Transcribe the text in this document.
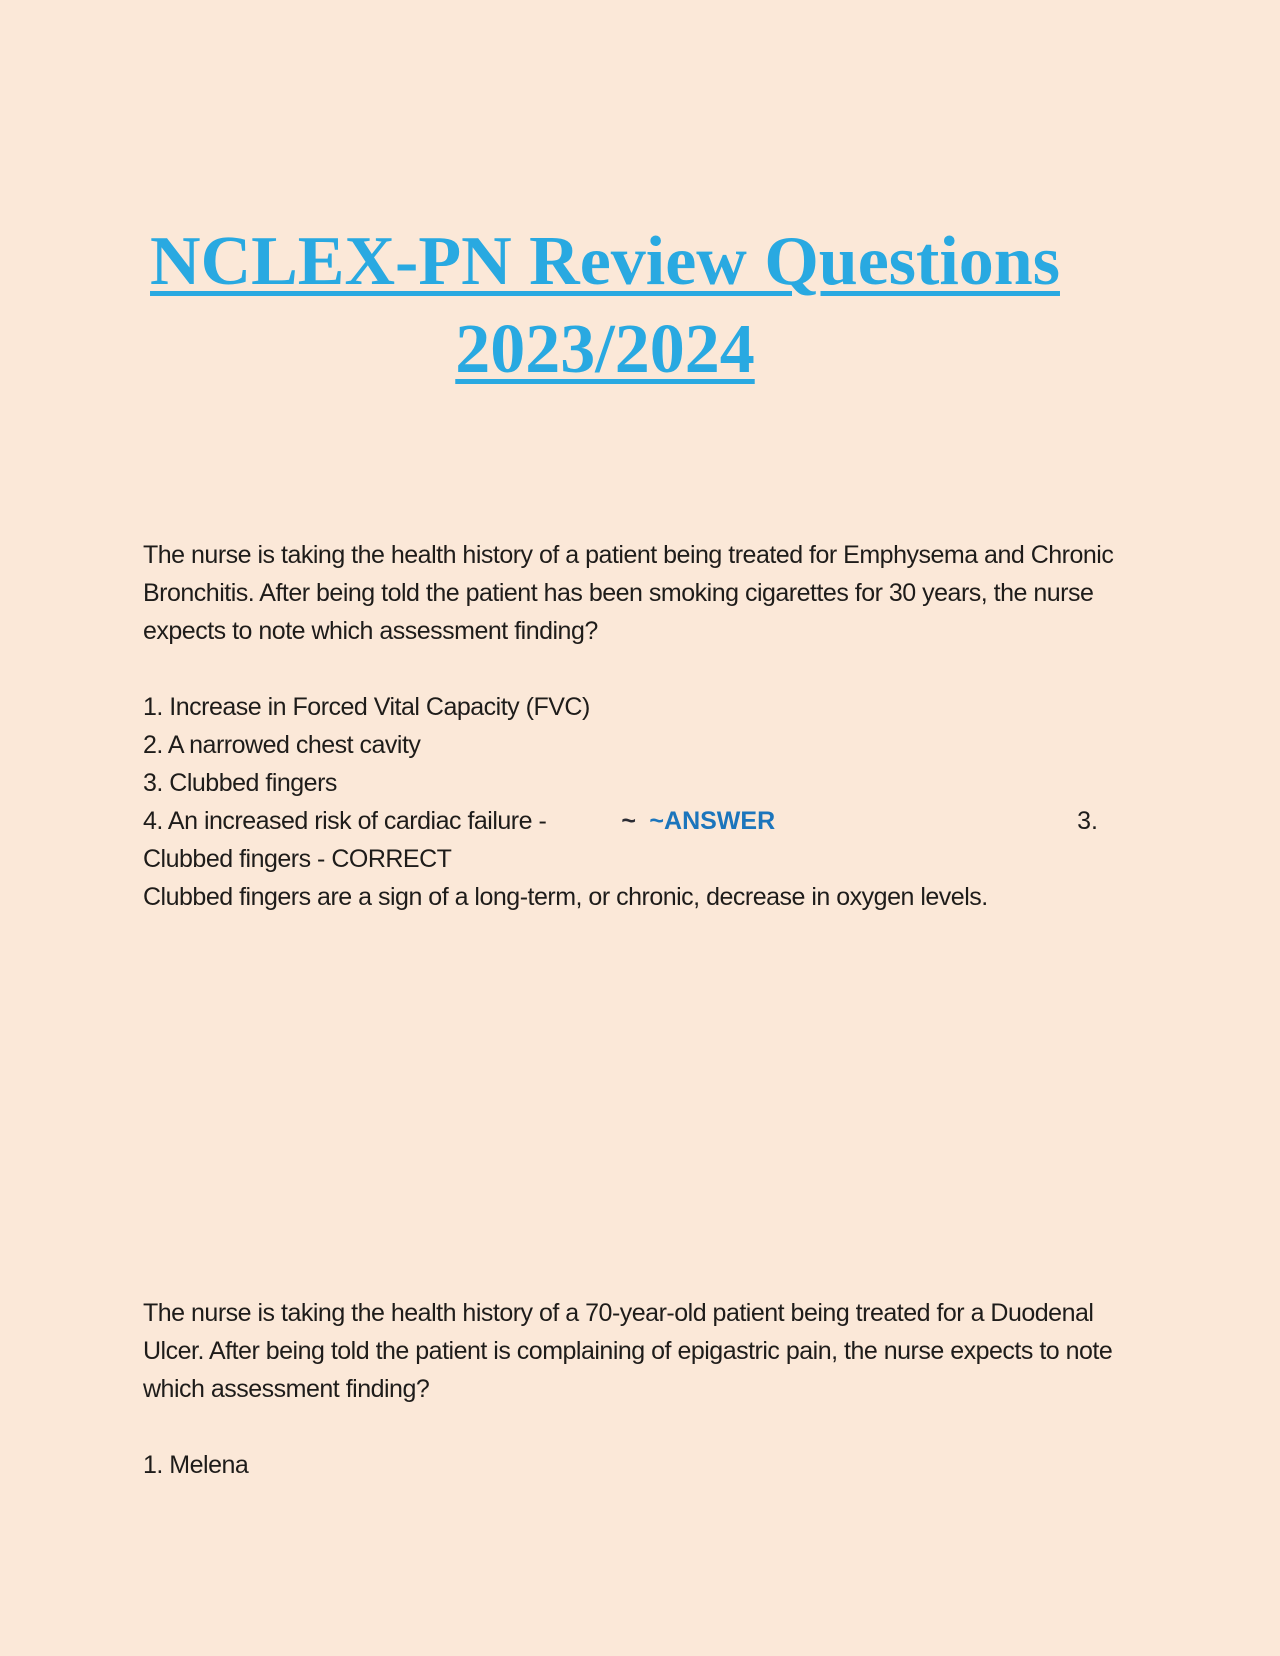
NCLEX-PN Review Questions
2023/2024

The nurse is taking the health history of a patient being treated for Emphysema and Chronic Bronchitis. After being told the patient has been smoking cigarettes for 30 years, the nurse expects to note which assessment finding?

1. Increase in Forced Vital Capacity (FVC)
2. A narrowed chest cavity
3. Clubbed fingers
4. An increased risk of cardiac failure -	~ ~ANSWER	3.
Clubbed fingers - CORRECT
Clubbed fingers are a sign of a long-term, or chronic, decrease in oxygen levels.

The nurse is taking the health history of a 70-year-old patient being treated for a Duodenal Ulcer. After being told the patient is complaining of epigastric pain, the nurse expects to note which assessment finding?

1. Melena
